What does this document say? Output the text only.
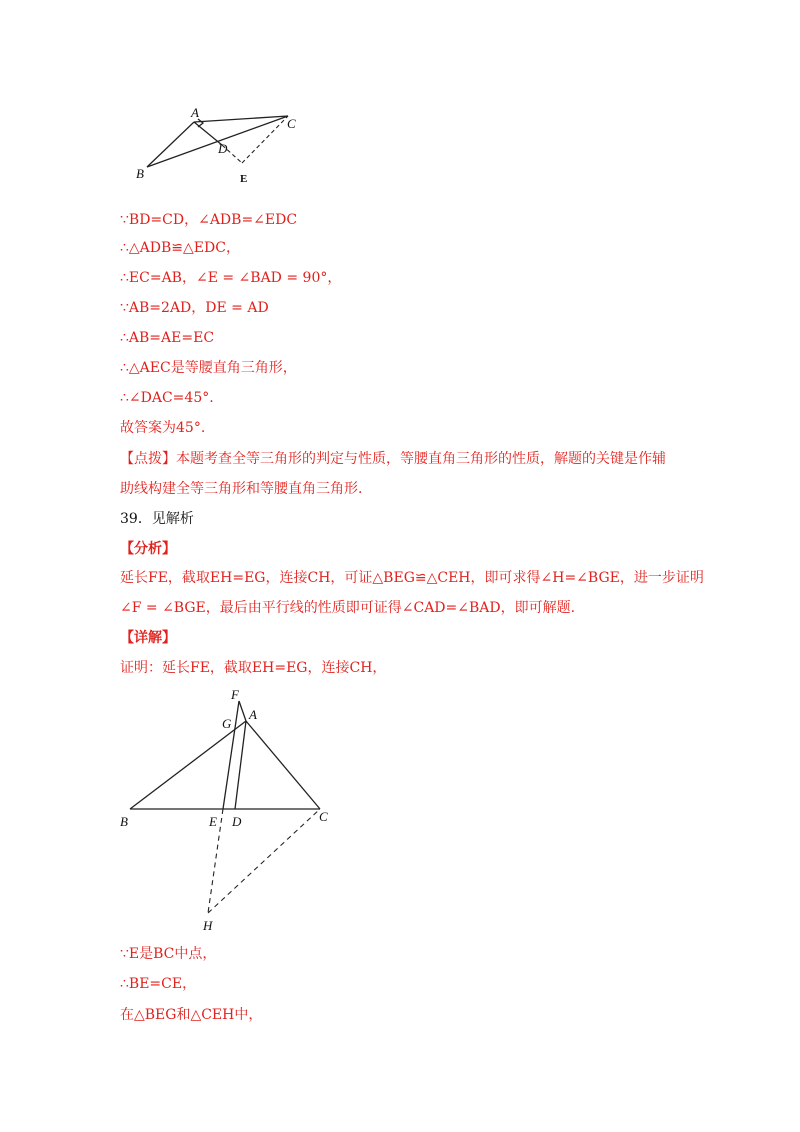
A
B
C
D
E
∵BD=CD，∠ADB=∠EDC
∴△ADB≌△EDC，
∴EC=AB，∠E = ∠BAD = 90°，
∵AB=2AD，DE = AD
∴AB=AE=EC
∴△AEC是等腰直角三角形，
∴∠DAC=45°.
故答案为45°.
【点拨】本题考查全等三角形的判定与性质，等腰直角三角形的性质，解题的关键是作辅
助线构建全等三角形和等腰直角三角形.
39．见解析
【分析】
延长FE，截取EH=EG，连接CH，可证△BEG≌△CEH，即可求得∠H=∠BGE，进一步证明
∠F = ∠BGE，最后由平行线的性质即可证得∠CAD=∠BAD，即可解题.
【详解】
证明：延长FE，截取EH=EG，连接CH，
F
G
A
B	E D	C
H
∵E是BC中点，
∴BE=CE，
在△BEG和△CEH中，
